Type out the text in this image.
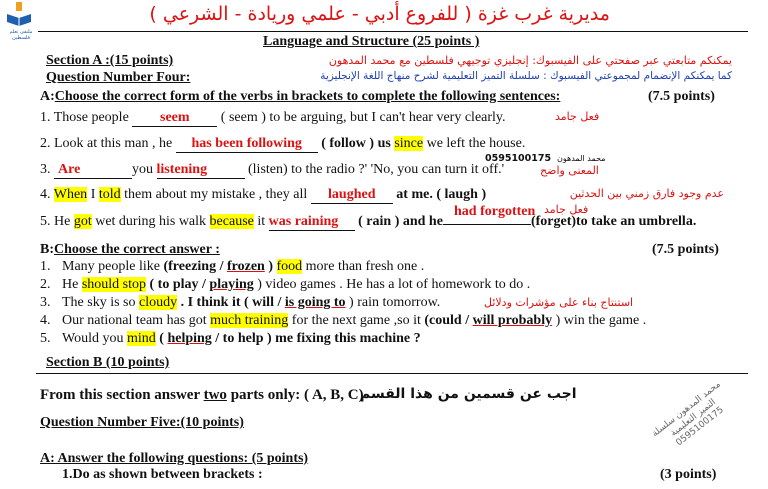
ملتقى تعلم فلسطين
مديرية غرب غزة ( للفروع أدبي - علمي وريادة - الشرعي )
Language and Structure (25 points )
Section A :(15 points)
Question Number Four:
يمكنكم متابعتي عبر صفحتي على الفيسبوك: إنجليزي توجيهي فلسطين مع محمد المدهون
كما يمكنكم الإنضمام لمجموعتي الفيسبوك : سلسلة التميز التعليمية لشرح منهاج اللغة الإنجليزية
A:Choose the correct form of the verbs in brackets to complete the following sentences:	(7.5 points)
1. Those people seem ( seem ) to be arguing, but I can't hear very clearly.	فعل جامد
2. Look at this man , he has been following ( follow ) us since we left the house.
3. Are	you listening	(listen) to the radio ?' 'No, you can turn it off.'
0595100175 محمد المدهون
المعنى واضح
4. When I told them about my mistake , they all laughed at me. ( laugh )	عدم وجود فارق زمني بين الحدثين
فعل جامد
had forgotten
5. He got wet during his walk because it was raining ( rain ) and he	(forget)to take an umbrella.
B:Choose the correct answer :	(7.5 points)
1. Many people like (freezing / frozen ) food more than fresh one .
2. He should stop ( to play / playing ) video games . He has a lot of homework to do .
3. The sky is so cloudy . I think it ( will / is going to ) rain tomorrow.	استنتاج بناء على مؤشرات ودلائل
4. Our national team has got much training for the next game ,so it (could / will probably ) win the game .
5. Would you mind ( helping / to help ) me fixing this machine ?
Section B (10 points)
From this section answer two parts only: ( A, B, C)
اجب عن قسمين من هذا القسم
Question Number Five:(10 points)
A: Answer the following questions: (5 points)
1.Do as shown between brackets :	(3 points)
محمد المدهون سلسلة التميز التعليمية 0595100175
